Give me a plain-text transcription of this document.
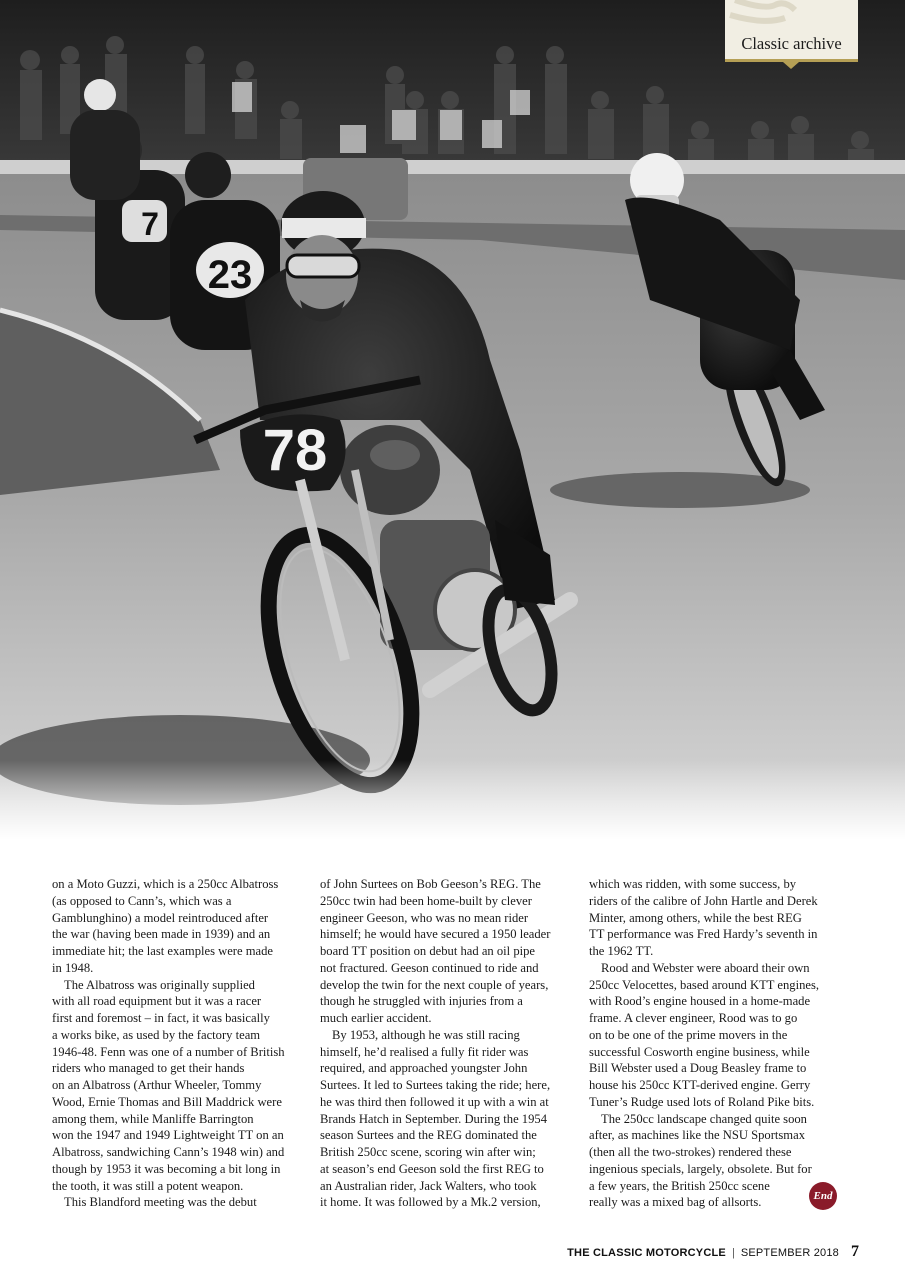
7
23
78
Classic archive
on a Moto Guzzi, which is a 250cc Albatross
(as opposed to Cann’s, which was a
Gamblunghino) a model reintroduced after
the war (having been made in 1939) and an
immediate hit; the last examples were made
in 1948.
The Albatross was originally supplied
with all road equipment but it was a racer
first and foremost – in fact, it was basically
a works bike, as used by the factory team
1946-48. Fenn was one of a number of British
riders who managed to get their hands
on an Albatross (Arthur Wheeler, Tommy
Wood, Ernie Thomas and Bill Maddrick were
among them, while Manliffe Barrington
won the 1947 and 1949 Lightweight TT on an
Albatross, sandwiching Cann’s 1948 win) and
though by 1953 it was becoming a bit long in
the tooth, it was still a potent weapon.
This Blandford meeting was the debut
of John Surtees on Bob Geeson’s REG. The
250cc twin had been home-built by clever
engineer Geeson, who was no mean rider
himself; he would have secured a 1950 leader
board TT position on debut had an oil pipe
not fractured. Geeson continued to ride and
develop the twin for the next couple of years,
though he struggled with injuries from a
much earlier accident.
By 1953, although he was still racing
himself, he’d realised a fully fit rider was
required, and approached youngster John
Surtees. It led to Surtees taking the ride; here,
he was third then followed it up with a win at
Brands Hatch in September. During the 1954
season Surtees and the REG dominated the
British 250cc scene, scoring win after win;
at season’s end Geeson sold the first REG to
an Australian rider, Jack Walters, who took
it home. It was followed by a Mk.2 version,
which was ridden, with some success, by
riders of the calibre of John Hartle and Derek
Minter, among others, while the best REG
TT performance was Fred Hardy’s seventh in
the 1962 TT.
Rood and Webster were aboard their own
250cc Velocettes, based around KTT engines,
with Rood’s engine housed in a home-made
frame. A clever engineer, Rood was to go
on to be one of the prime movers in the
successful Cosworth engine business, while
Bill Webster used a Doug Beasley frame to
house his 250cc KTT-derived engine. Gerry
Tuner’s Rudge used lots of Roland Pike bits.
The 250cc landscape changed quite soon
after, as machines like the NSU Sportsmax
(then all the two-strokes) rendered these
ingenious specials, largely, obsolete. But for
a few years, the British 250cc scene
really was a mixed bag of allsorts.	End
THE CLASSIC MOTORCYCLE | SEPTEMBER 2018 7
